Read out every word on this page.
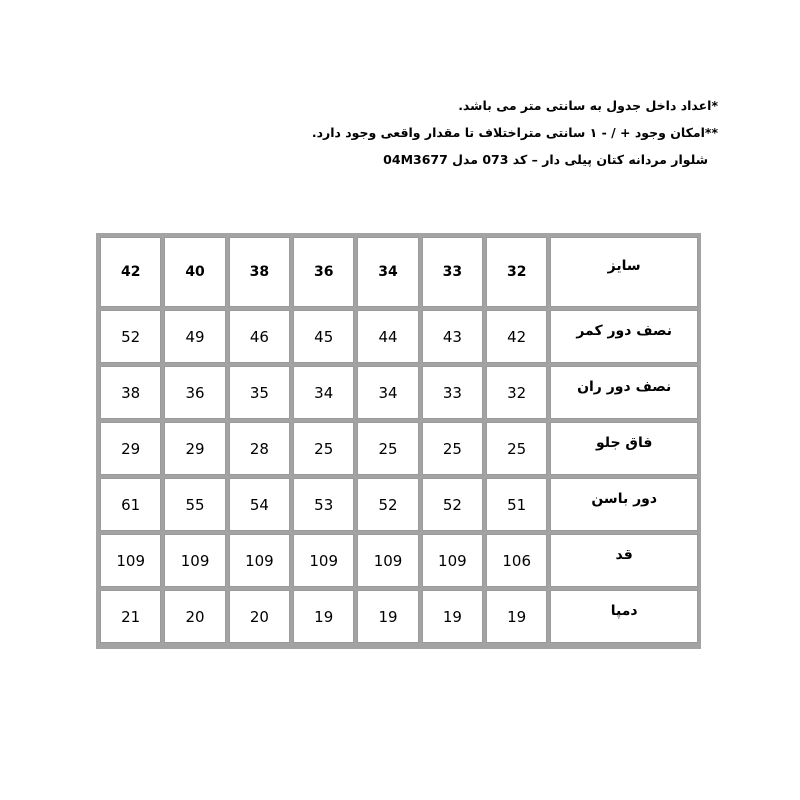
*اعداد داخل جدول به سانتی متر می باشد.
**امکان وجود + / - ۱ سانتی متراختلاف تا مقدار واقعی وجود دارد.
شلوار مردانه کتان پیلی دار – کد 073 مدل 04M3677
سایز	32	33	34	36	38	40	42
نصف دور کمر	42	43	44	45	46	49	52
نصف دور ران	32	33	34	34	35	36	38
فاق جلو	25	25	25	25	28	29	29
دور باسن	51	52	52	53	54	55	61
قد	106	109	109	109	109	109	109
دمپا	19	19	19	19	20	20	21
